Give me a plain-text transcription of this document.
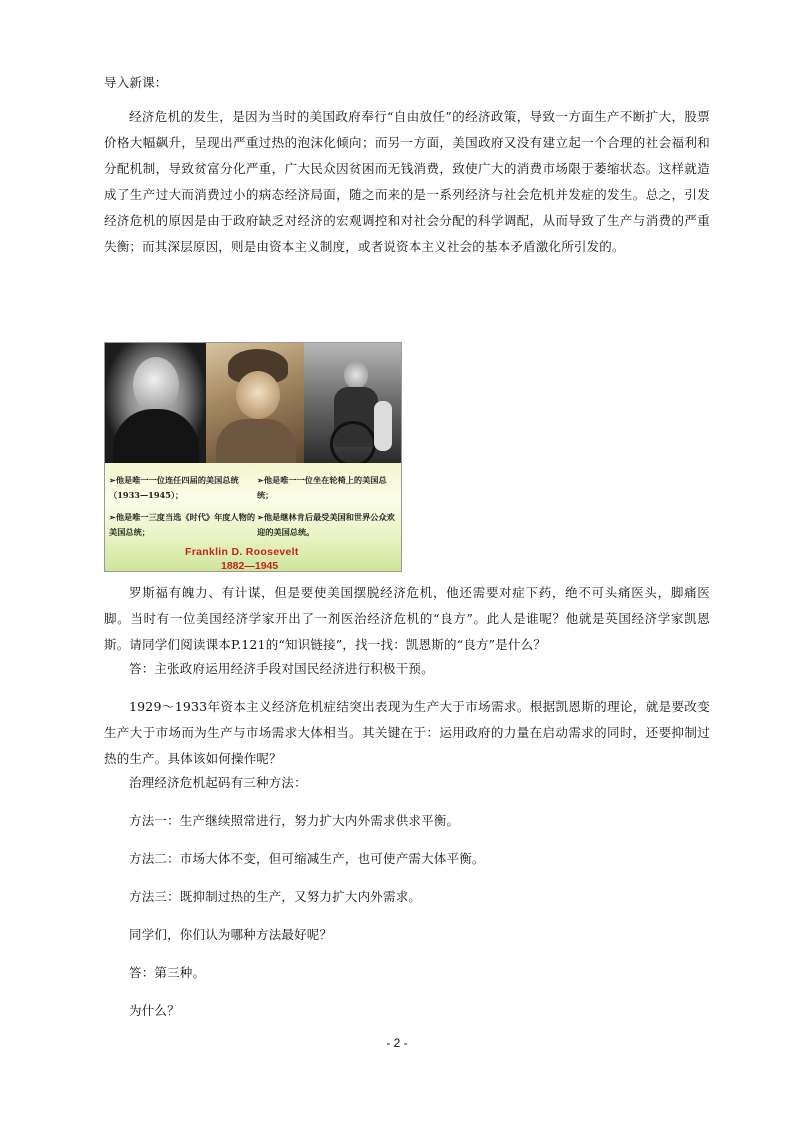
导入新课：

经济危机的发生，是因为当时的美国政府奉行“自由放任”的经济政策，导致一方面生产不断扩大，股票价格大幅飙升，呈现出严重过热的泡沫化倾向；而另一方面，美国政府又没有建立起一个合理的社会福利和分配机制，导致贫富分化严重，广大民众因贫困而无钱消费，致使广大的消费市场限于萎缩状态。这样就造成了生产过大而消费过小的病态经济局面，随之而来的是一系列经济与社会危机并发症的发生。总之，引发经济危机的原因是由于政府缺乏对经济的宏观调控和对社会分配的科学调配，从而导致了生产与消费的严重失衡；而其深层原因，则是由资本主义制度，或者说资本主义社会的基本矛盾激化所引发的。

➢他是唯一一位连任四届的美国总统（1933—1945）；

➢他是唯一一位坐在轮椅上的美国总统；

➢他是唯一三度当选《时代》年度人物的美国总统；

➢他是继林肯后最受美国和世界公众欢迎的美国总统。

Franklin D. Roosevelt
1882—1945

罗斯福有魄力、有计谋，但是要使美国摆脱经济危机，他还需要对症下药，绝不可头痛医头，脚痛医脚。当时有一位美国经济学家开出了一剂医治经济危机的“良方”。此人是谁呢？他就是英国经济学家凯恩斯。请同学们阅读课本P.121的“知识链接”，找一找：凯恩斯的“良方”是什么？

答：主张政府运用经济手段对国民经济进行积极干预。

1929～1933年资本主义经济危机症结突出表现为生产大于市场需求。根据凯恩斯的理论，就是要改变生产大于市场而为生产与市场需求大体相当。其关键在于：运用政府的力量在启动需求的同时，还要抑制过热的生产。具体该如何操作呢？

治理经济危机起码有三种方法：

方法一：生产继续照常进行，努力扩大内外需求供求平衡。

方法二：市场大体不变，但可缩减生产，也可使产需大体平衡。

方法三：既抑制过热的生产，又努力扩大内外需求。

同学们，你们认为哪种方法最好呢？

答：第三种。

为什么？

- 2 -
